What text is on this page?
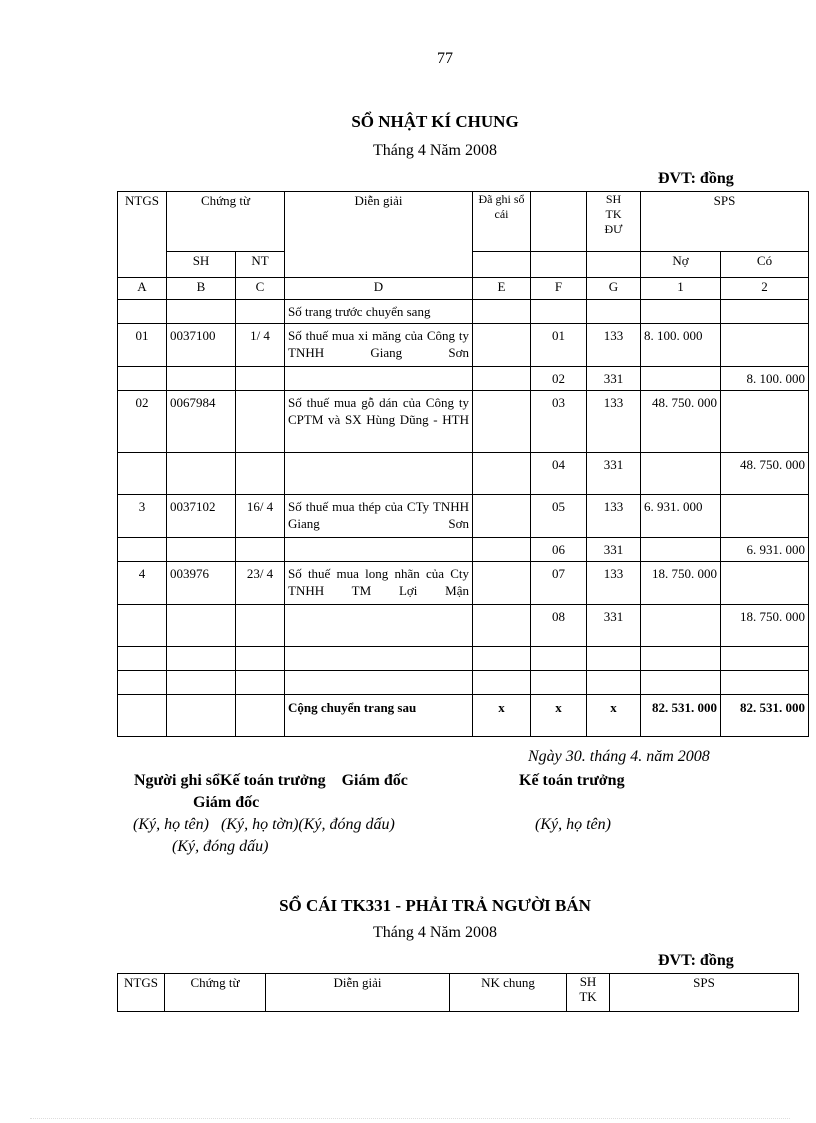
77
SỔ NHẬT KÍ CHUNG
Tháng 4 Năm 2008
ĐVT: đồng
NTGS	Chứng từ		Diễn giải	Đã ghi sổ cái		SH TK ĐƯ	SPS	
	SH	NT					Nợ	Có
A	B	C	D	E	F	G	1	2
			Số trang trước chuyển sang					
01	0037100	1/ 4	Số thuế mua xi măng của Công ty TNHH Giang Sơn		01	133	8. 100. 000	
					02	331		8. 100. 000
02	0067984		Số thuế mua gỗ dán của Công ty CPTM và SX Hùng Dũng - HTH		03	133	48. 750. 000	
					04	331		48. 750. 000
3	0037102	16/ 4	Số thuế mua thép của CTy TNHH Giang Sơn		05	133	6. 931. 000	
					06	331		6. 931. 000
4	003976	23/ 4	Số thuế mua long nhãn của Cty TNHH TM Lợi Mận		07	133	18. 750. 000	
					08	331		18. 750. 000

			Cộng chuyển trang sau	x	x	x	82. 531. 000	82. 531. 000
Ngày 30. tháng 4. năm 2008
Người ghi sổKế toán trưởng    Giám đốc	Kế toán trưởng
Giám đốc
(Ký, họ tên)   (Ký, họ tờn)(Ký, đóng dấu)	(Ký, họ tên)
(Ký, đóng dấu)
SỔ CÁI TK331 - PHẢI TRẢ NGƯỜI BÁN
Tháng 4 Năm 2008
ĐVT: đồng
NTGS	Chứng từ	Diễn giải	NK chung	SH TK	SPS
